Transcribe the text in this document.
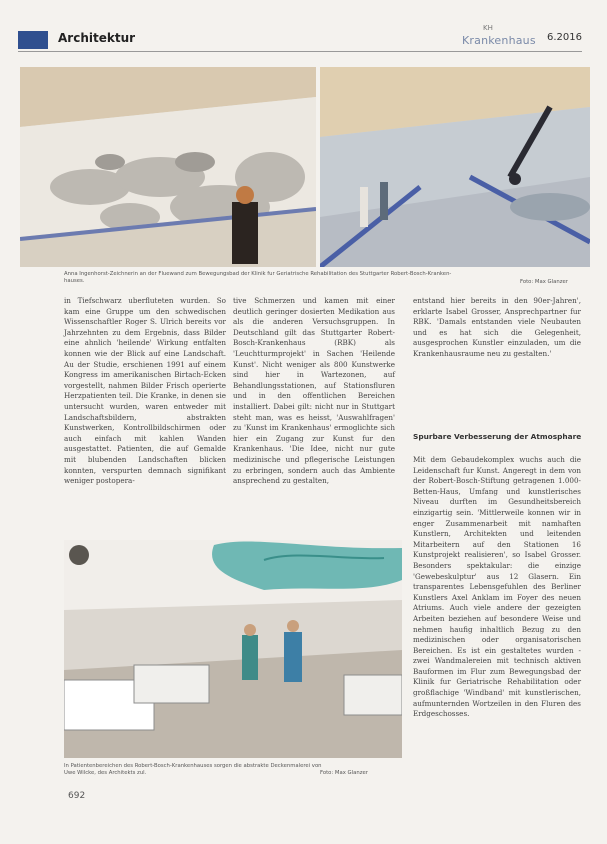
Architektur
KH
Krankenhaus 6.2016
Anna Ingenhorst-Zeichnerin an der Fluewand zum Bewegungsbad der Klinik fur Geriatrische Rehabilitation des Stuttgarter Robert-Bosch-Kranken-
hauses.	Foto: Max Glanzer

in Tiefschwarz uberfluteten wurden. So kam eine Gruppe um den schwedischen Wissenschaftler Roger S. Ulrich bereits vor Jahrzehnten zu dem Ergebnis, dass Bilder eine ahnlich 'heilende' Wirkung entfalten konnen wie der Blick auf eine Landschaft. Au der Studie, erschienen 1991 auf einem Kongress im amerikanischen Birtach-Ecken vorgestellt, nahmen Bilder Frisch operierte Herzpatienten teil. Die Kranke, in denen sie untersucht wurden, waren entweder mit Landschaftsbildern, abstrakten Kunstwerken, Kontrollbildschirmen oder auch einfach mit kahlen Wanden ausgestattet. Patienten, die auf Gemalde mit blubenden Landschaften blicken konnten, verspurten demnach signifikant weniger postopera-

tive Schmerzen und kamen mit einer deutlich geringer dosierten Medikation aus als die anderen Versuchsgruppen. In Deutschland gilt das Stuttgarter Robert-Bosch-Krankenhaus (RBK) als 'Leuchtturmprojekt' in Sachen 'Heilende Kunst'. Nicht weniger als 800 Kunstwerke sind hier in Wartezonen, auf Behandlungsstationen, auf Stationsfluren und in den offentlichen Bereichen installiert. Dabei gilt: nicht nur in Stuttgart steht man, was es heisst, 'Auswahlfragen' zu 'Kunst im Krankenhaus' ermoglichte sich hier ein Zugang zur Kunst fur den Krankenhaus. 'Die Idee, nicht nur gute medizinische und pflegerische Leistungen zu erbringen, sondern auch das Ambiente ansprechend zu gestalten,

entstand hier bereits in den 90er-Jahren', erklarte Isabel Grosser, Ansprechpartner fur RBK. 'Damals entstanden viele Neubauten und es hat sich die Gelegenheit, ausgesprochen Kunstler einzuladen, um die Krankenhausraume neu zu gestalten.'

Spurbare Verbesserung der Atmosphare

Mit dem Gebaudekomplex wuchs auch die Leidenschaft fur Kunst. Angeregt in dem von der Robert-Bosch-Stiftung getragenen 1.000-Betten-Haus, Umfang und kunstlerisches Niveau durften im Gesundheitsbereich einzigartig sein. 'Mittlerweile konnen wir in enger Zusammenarbeit mit namhaften Kunstlern, Architekten und leitenden Mitarbeitern auf den Stationen 16 Kunstprojekt realisieren', so Isabel Grosser. Besonders spektakular: die einzige 'Gewebeskulptur' aus 12 Glasern. Ein transparentes Lebensgefuhlen des Berliner Kunstlers Axel Anklam im Foyer des neuen Atriums. Auch viele andere der gezeigten Arbeiten beziehen auf besondere Weise und nehmen haufig inhaltlich Bezug zu den medizinischen oder organisatorischen Bereichen. Es ist ein gestaltetes wurden - zwei Wandmalereien mit technisch aktiven Bauformen im Flur zum Bewegungsbad der Klinik fur Geriatrische Rehabilitation oder großflachige 'Windband' mit kunstlerischen, aufmunternden Wortzeilen in den Fluren des Erdgeschosses.

In Patientenbereichen des Robert-Bosch-Krankenhauses sorgen die abstrakte Deckenmalerei von
Uwe Wilcke, des Architekts zul.	Foto: Max Glanzer
692
